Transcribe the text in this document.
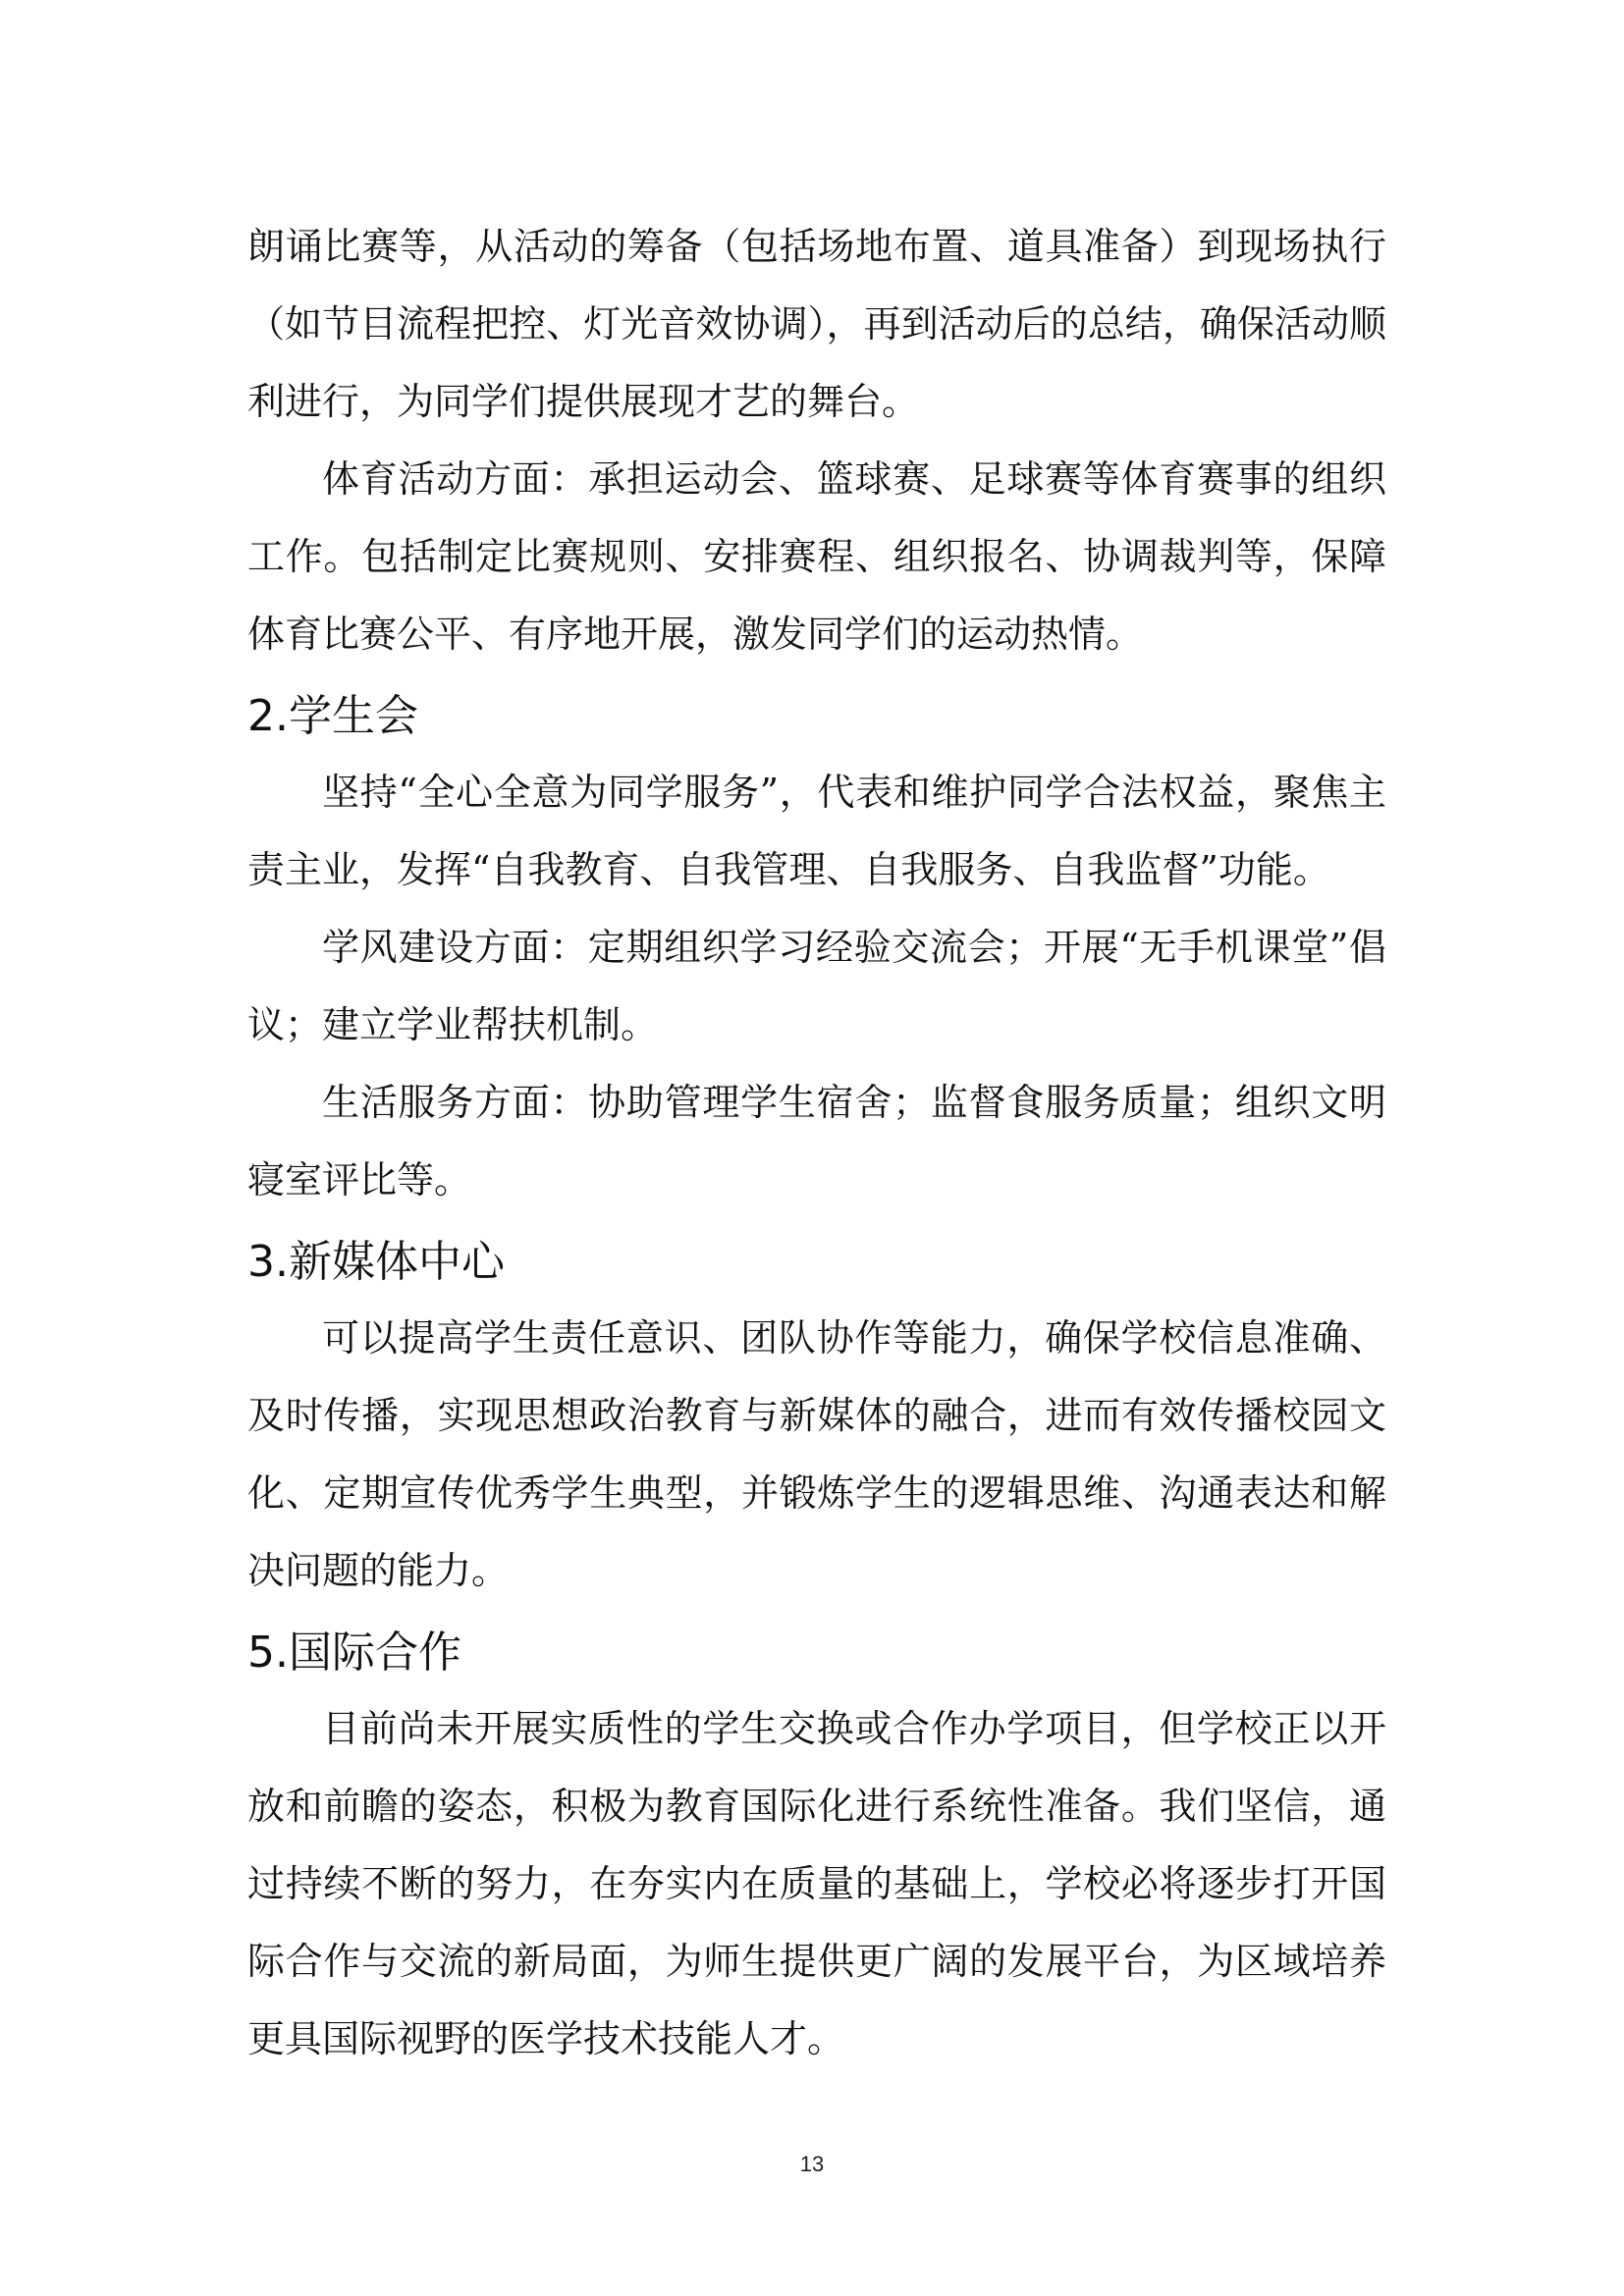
朗诵比赛等，从活动的筹备（包括场地布置、道具准备）到现场执行（如节目流程把控、灯光音效协调），再到活动后的总结，确保活动顺利进行，为同学们提供展现才艺的舞台。

体育活动方面：承担运动会、篮球赛、足球赛等体育赛事的组织工作。包括制定比赛规则、安排赛程、组织报名、协调裁判等，保障体育比赛公平、有序地开展，激发同学们的运动热情。

2.学生会

坚持“全心全意为同学服务”，代表和维护同学合法权益，聚焦主责主业，发挥“自我教育、自我管理、自我服务、自我监督”功能。

学风建设方面：定期组织学习经验交流会；开展“无手机课堂”倡议；建立学业帮扶机制。

生活服务方面：协助管理学生宿舍；监督食服务质量；组织文明寝室评比等。

3.新媒体中心

可以提高学生责任意识、团队协作等能力，确保学校信息准确、及时传播，实现思想政治教育与新媒体的融合，进而有效传播校园文化、定期宣传优秀学生典型，并锻炼学生的逻辑思维、沟通表达和解决问题的能力。

5.国际合作

目前尚未开展实质性的学生交换或合作办学项目，但学校正以开放和前瞻的姿态，积极为教育国际化进行系统性准备。我们坚信，通过持续不断的努力，在夯实内在质量的基础上，学校必将逐步打开国际合作与交流的新局面，为师生提供更广阔的发展平台，为区域培养更具国际视野的医学技术技能人才。

13
